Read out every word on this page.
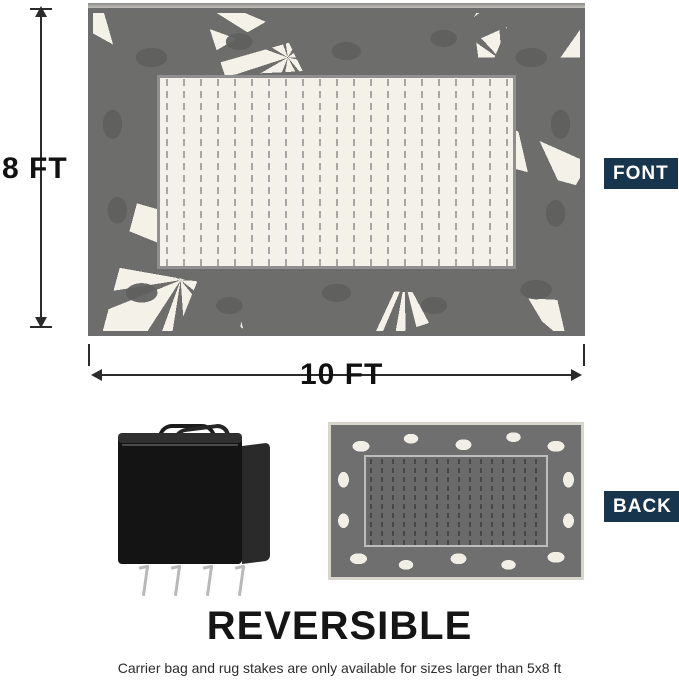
8 FT	FONT
10 FT
BACK
REVERSIBLE
Carrier bag and rug stakes are only available for sizes larger than 5x8 ft
